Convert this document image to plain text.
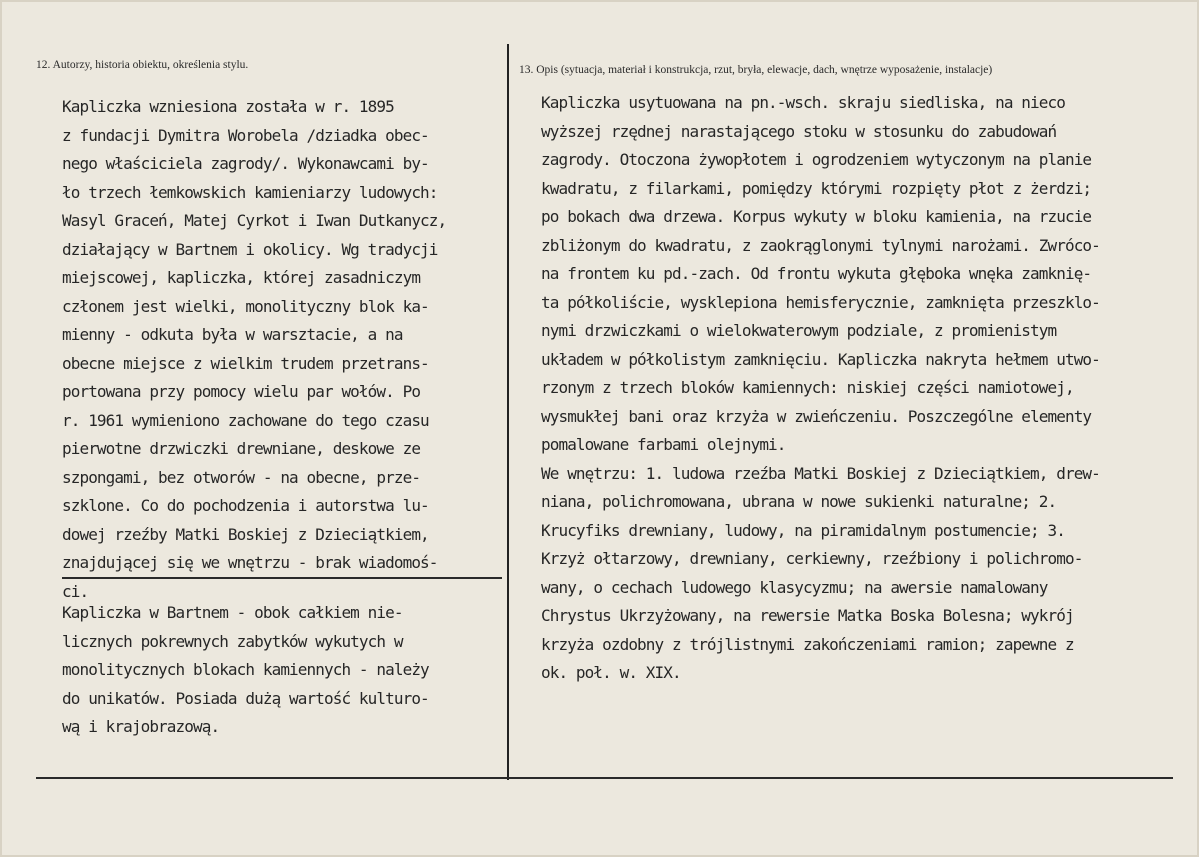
12. Autorzy, historia obiektu, określenia stylu.	13. Opis (sytuacja, materiał i konstrukcja, rzut, bryła, elewacje, dach, wnętrze wyposażenie, instalacje)
Kapliczka wzniesiona została w r. 1895
z fundacji Dymitra Worobela /dziadka obec-
nego właściciela zagrody/. Wykonawcami by-
ło trzech łemkowskich kamieniarzy ludowych:
Wasyl Graceń, Matej Cyrkot i Iwan Dutkanycz,
działający w Bartnem i okolicy. Wg tradycji
miejscowej, kapliczka, której zasadniczym
członem jest wielki, monolityczny blok ka-
mienny - odkuta była w warsztacie, a na
obecne miejsce z wielkim trudem przetrans-
portowana przy pomocy wielu par wołów. Po
r. 1961 wymieniono zachowane do tego czasu
pierwotne drzwiczki drewniane, deskowe ze
szpongami, bez otworów - na obecne, prze-
szklone. Co do pochodzenia i autorstwa lu-
dowej rzeźby Matki Boskiej z Dzieciątkiem,
znajdującej się we wnętrzu - brak wiadomoś-
ci.
Kapliczka w Bartnem - obok całkiem nie-
licznych pokrewnych zabytków wykutych w
monolitycznych blokach kamiennych - należy
do unikatów. Posiada dużą wartość kulturo-
wą i krajobrazową.
Kapliczka usytuowana na pn.-wsch. skraju siedliska, na nieco
wyższej rzędnej narastającego stoku w stosunku do zabudowań
zagrody. Otoczona żywopłotem i ogrodzeniem wytyczonym na planie
kwadratu, z filarkami, pomiędzy którymi rozpięty płot z żerdzi;
po bokach dwa drzewa. Korpus wykuty w bloku kamienia, na rzucie
zbliżonym do kwadratu, z zaokrąglonymi tylnymi narożami. Zwróco-
na frontem ku pd.-zach. Od frontu wykuta głęboka wnęka zamknię-
ta półkoliście, wysklepiona hemisferycznie, zamknięta przeszklo-
nymi drzwiczkami o wielokwaterowym podziale, z promienistym
układem w półkolistym zamknięciu. Kapliczka nakryta hełmem utwo-
rzonym z trzech bloków kamiennych: niskiej części namiotowej,
wysmukłej bani oraz krzyża w zwieńczeniu. Poszczególne elementy
pomalowane farbami olejnymi.
We wnętrzu: 1. ludowa rzeźba Matki Boskiej z Dzieciątkiem, drew-
niana, polichromowana, ubrana w nowe sukienki naturalne; 2.
Krucyfiks drewniany, ludowy, na piramidalnym postumencie; 3.
Krzyż ołtarzowy, drewniany, cerkiewny, rzeźbiony i polichromo-
wany, o cechach ludowego klasycyzmu; na awersie namalowany
Chrystus Ukrzyżowany, na rewersie Matka Boska Bolesna; wykrój
krzyża ozdobny z trójlistnymi zakończeniami ramion; zapewne z
ok. poł. w. XIX.
